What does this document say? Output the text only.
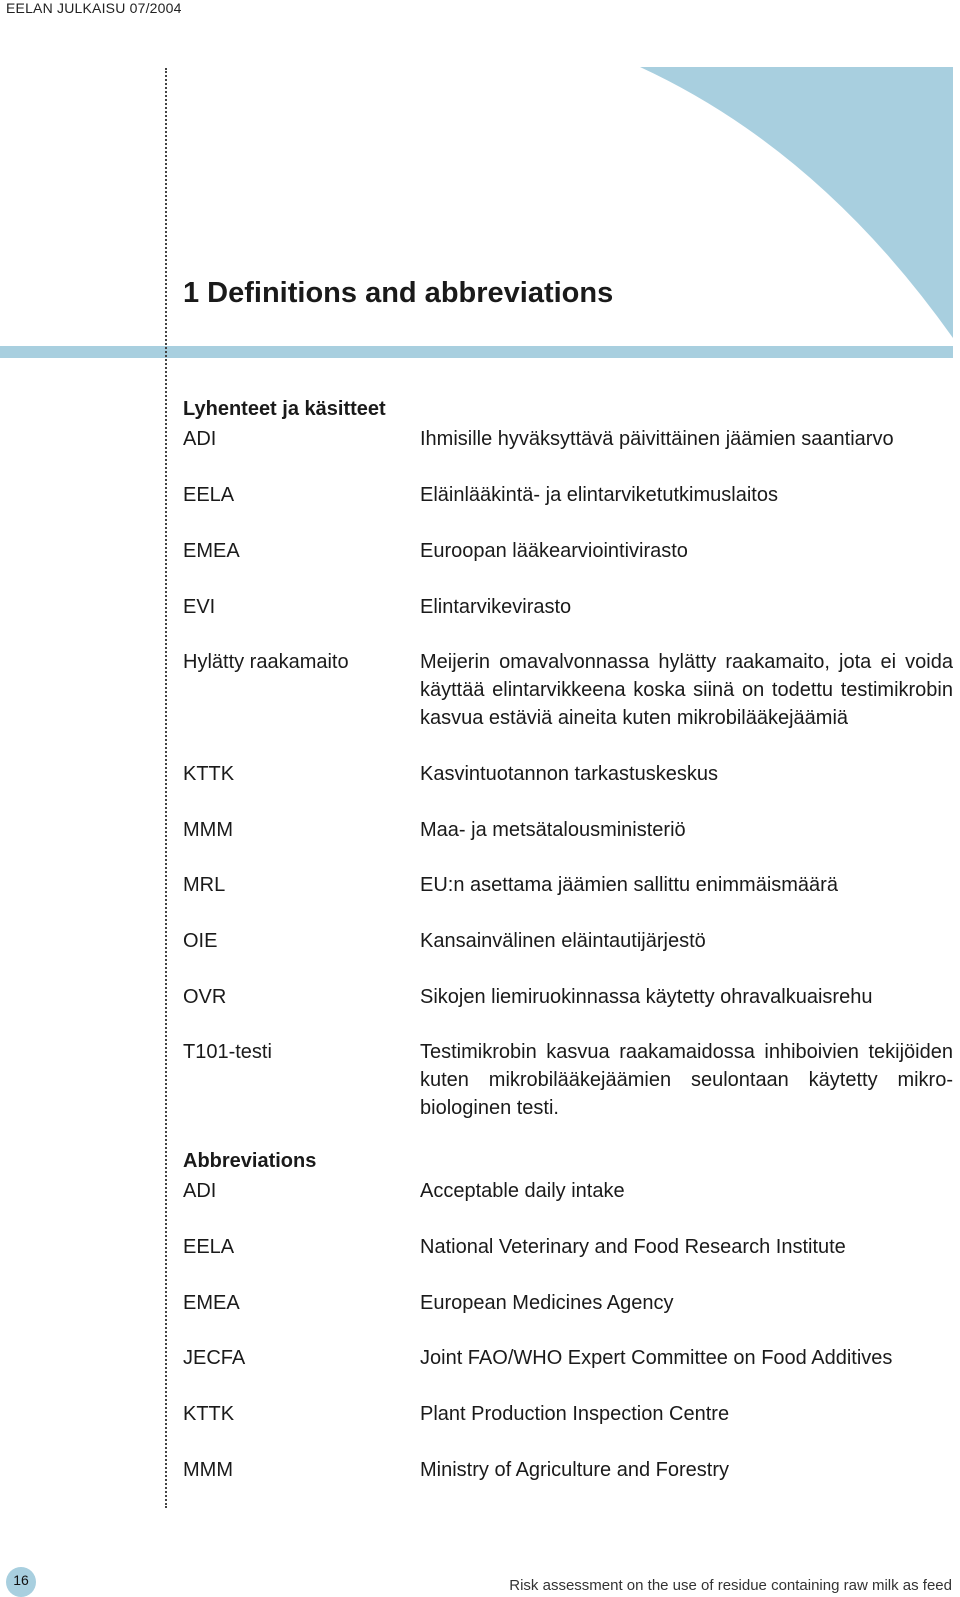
EELAN JULKAISU 07/2004
1 Definitions and abbreviations
Lyhenteet ja käsitteet
ADI	Ihmisille hyväksyttävä päivittäinen jäämien saantiarvo
EELA	Eläinlääkintä- ja elintarviketutkimuslaitos
EMEA	Euroopan lääkearviointivirasto
EVI	Elintarvikevirasto
Hylätty raakamaito	Meijerin omavalvonnassa hylätty raakamaito, jota ei voida käyttää elintarvikkeena koska siinä on todettu testimikrobin kasvua estäviä aineita kuten mikrobilääkejäämiä
KTTK	Kasvintuotannon tarkastuskeskus
MMM	Maa- ja metsätalousministeriö
MRL	EU:n asettama jäämien sallittu enimmäismäärä
OIE	Kansainvälinen eläintautijärjestö
OVR	Sikojen liemiruokinnassa käytetty ohravalkuaisrehu
T101-testi	Testimikrobin kasvua raakamaidossa inhiboivien tekijöiden kuten mikrobilääkejäämien seulontaan käytetty mikrobiologinen testi.
Abbreviations
ADI	Acceptable daily intake
EELA	National Veterinary and Food Research Institute
EMEA	European Medicines Agency
JECFA	Joint FAO/WHO Expert Committee on Food Additives
KTTK	Plant Production Inspection Centre
MMM	Ministry of Agriculture and Forestry
16	Risk assessment on the use of residue containing raw milk as feed
